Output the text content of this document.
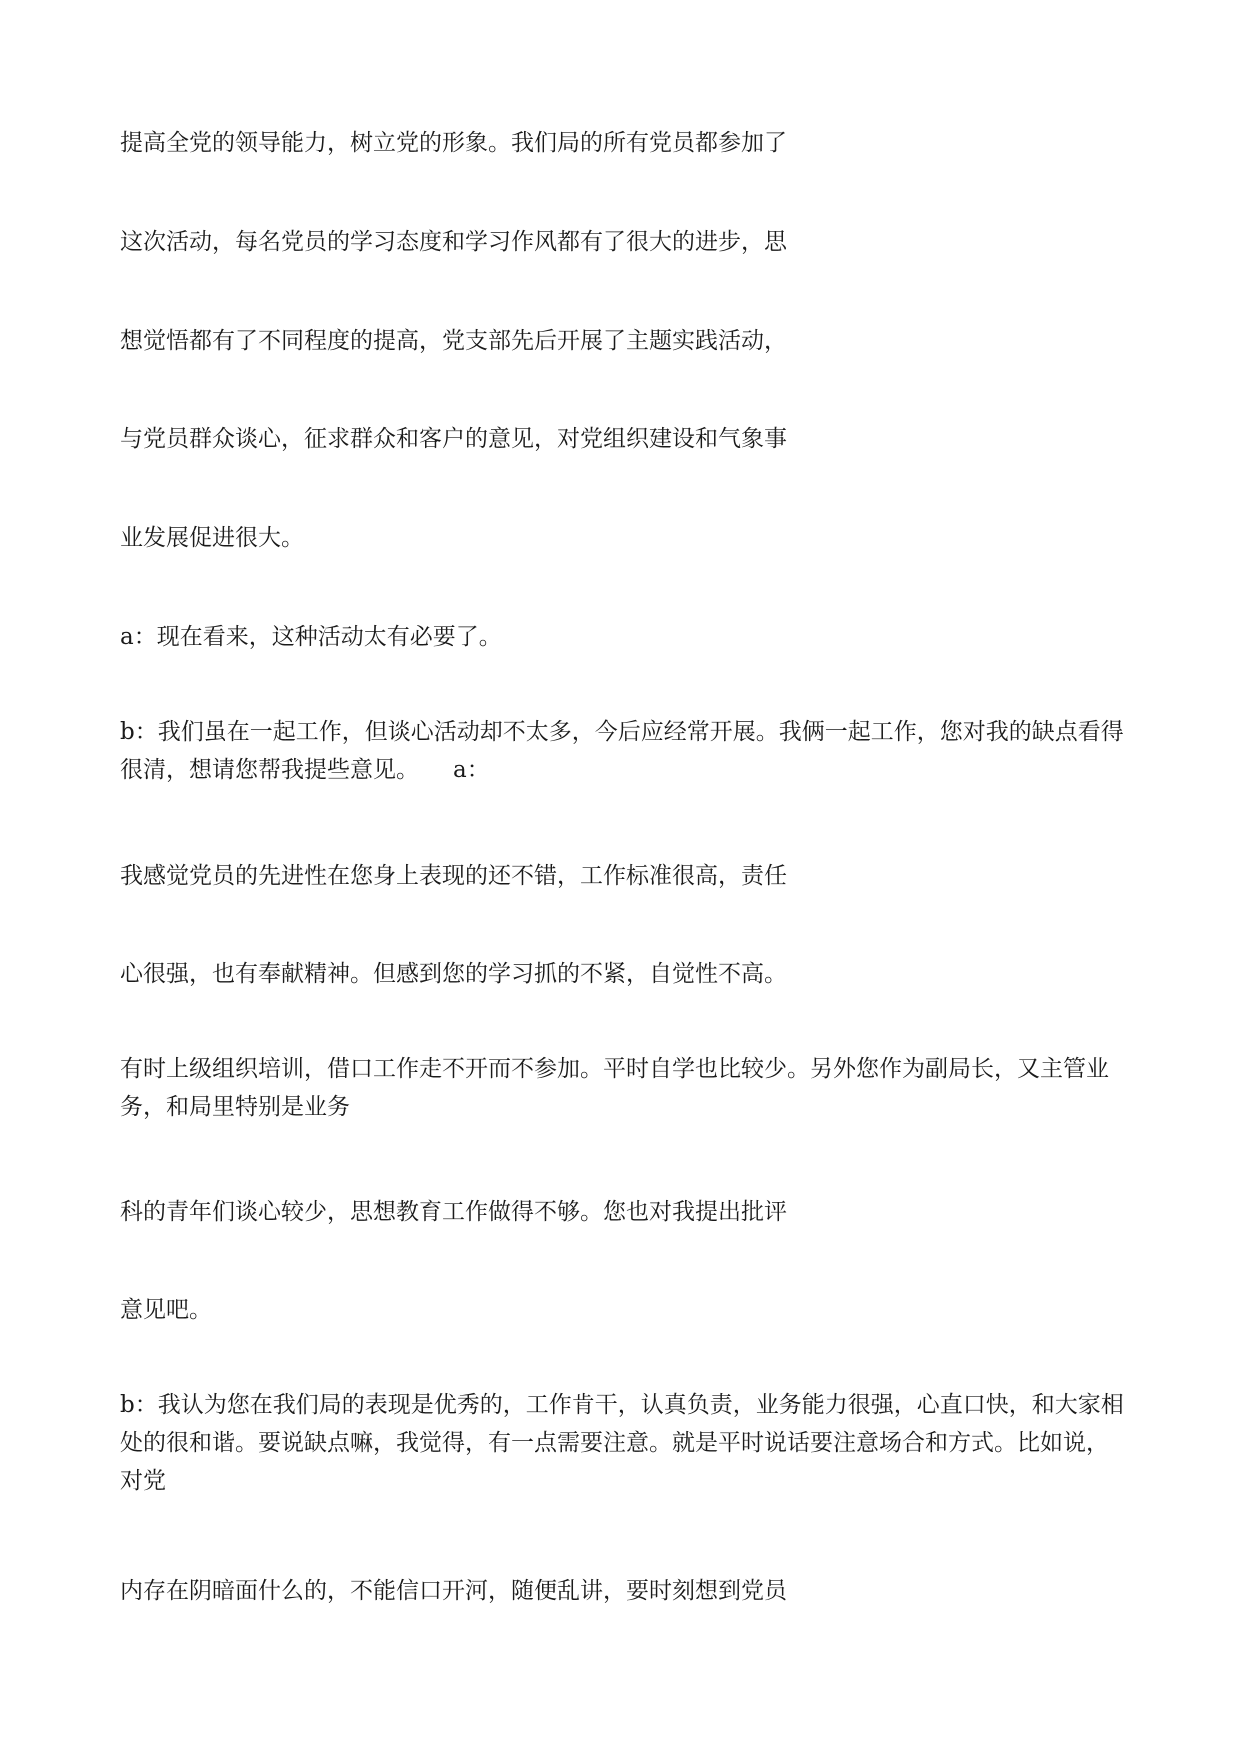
提高全党的领导能力，树立党的形象。我们局的所有党员都参加了

这次活动，每名党员的学习态度和学习作风都有了很大的进步，思

想觉悟都有了不同程度的提高，党支部先后开展了主题实践活动，

与党员群众谈心，征求群众和客户的意见，对党组织建设和气象事

业发展促进很大。

a：现在看来，这种活动太有必要了。

b：我们虽在一起工作，但谈心活动却不太多，今后应经常开展。我俩一起工作，您对我的缺点看得很清，想请您帮我提些意见。 a：

我感觉党员的先进性在您身上表现的还不错，工作标准很高，责任

心很强，也有奉献精神。但感到您的学习抓的不紧，自觉性不高。

有时上级组织培训，借口工作走不开而不参加。平时自学也比较少。另外您作为副局长，又主管业务，和局里特别是业务

科的青年们谈心较少，思想教育工作做得不够。您也对我提出批评

意见吧。

b：我认为您在我们局的表现是优秀的，工作肯干，认真负责，业务能力很强，心直口快，和大家相处的很和谐。要说缺点嘛，我觉得，有一点需要注意。就是平时说话要注意场合和方式。比如说，对党

内存在阴暗面什么的，不能信口开河，随便乱讲，要时刻想到党员
